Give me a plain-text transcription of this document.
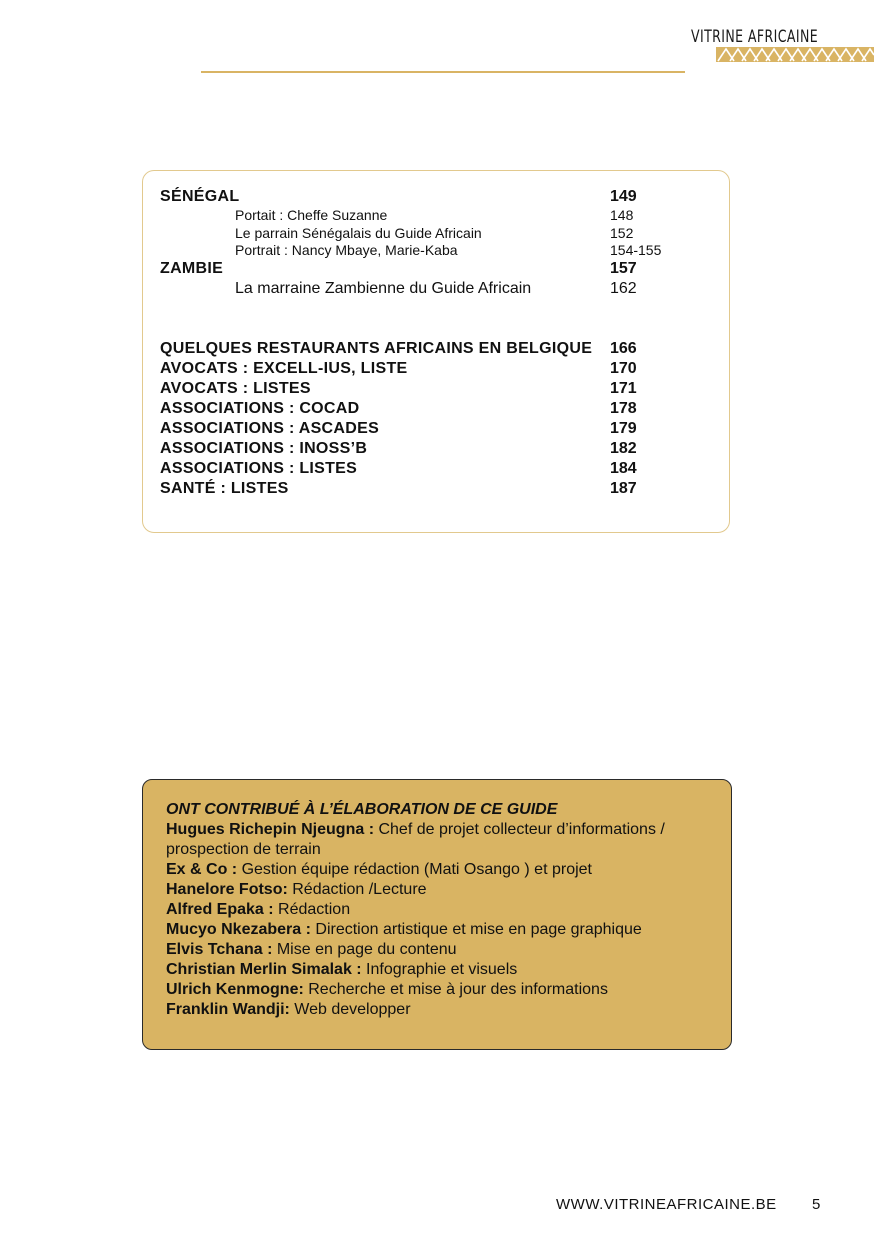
VITRINE AFRICAINE
SÉNÉGAL	149
Portait : Cheffe Suzanne	148
Le parrain Sénégalais du Guide Africain	152
Portrait : Nancy Mbaye, Marie-Kaba	154-155
ZAMBIE	157
La marraine Zambienne du Guide Africain	162
QUELQUES RESTAURANTS AFRICAINS EN BELGIQUE 166
AVOCATS : EXCELL-IUS, LISTE	170
AVOCATS : LISTES	171
ASSOCIATIONS : COCAD	178
ASSOCIATIONS : ASCADES	179
ASSOCIATIONS : INOSS’B	182
ASSOCIATIONS : LISTES	184
SANTÉ : LISTES	187
ONT CONTRIBUÉ À L’ÉLABORATION DE CE GUIDE
Hugues Richepin Njeugna : Chef de projet collecteur d’informations /
prospection de terrain
Ex & Co : Gestion équipe rédaction (Mati Osango ) et projet
Hanelore Fotso: Rédaction /Lecture
Alfred Epaka : Rédaction
Mucyo Nkezabera : Direction artistique et mise en page graphique
Elvis Tchana : Mise en page du contenu
Christian Merlin Simalak : Infographie et visuels
Ulrich Kenmogne: Recherche et mise à jour des informations
Franklin Wandji: Web developper
WWW.VITRINEAFRICAINE.BE 5
